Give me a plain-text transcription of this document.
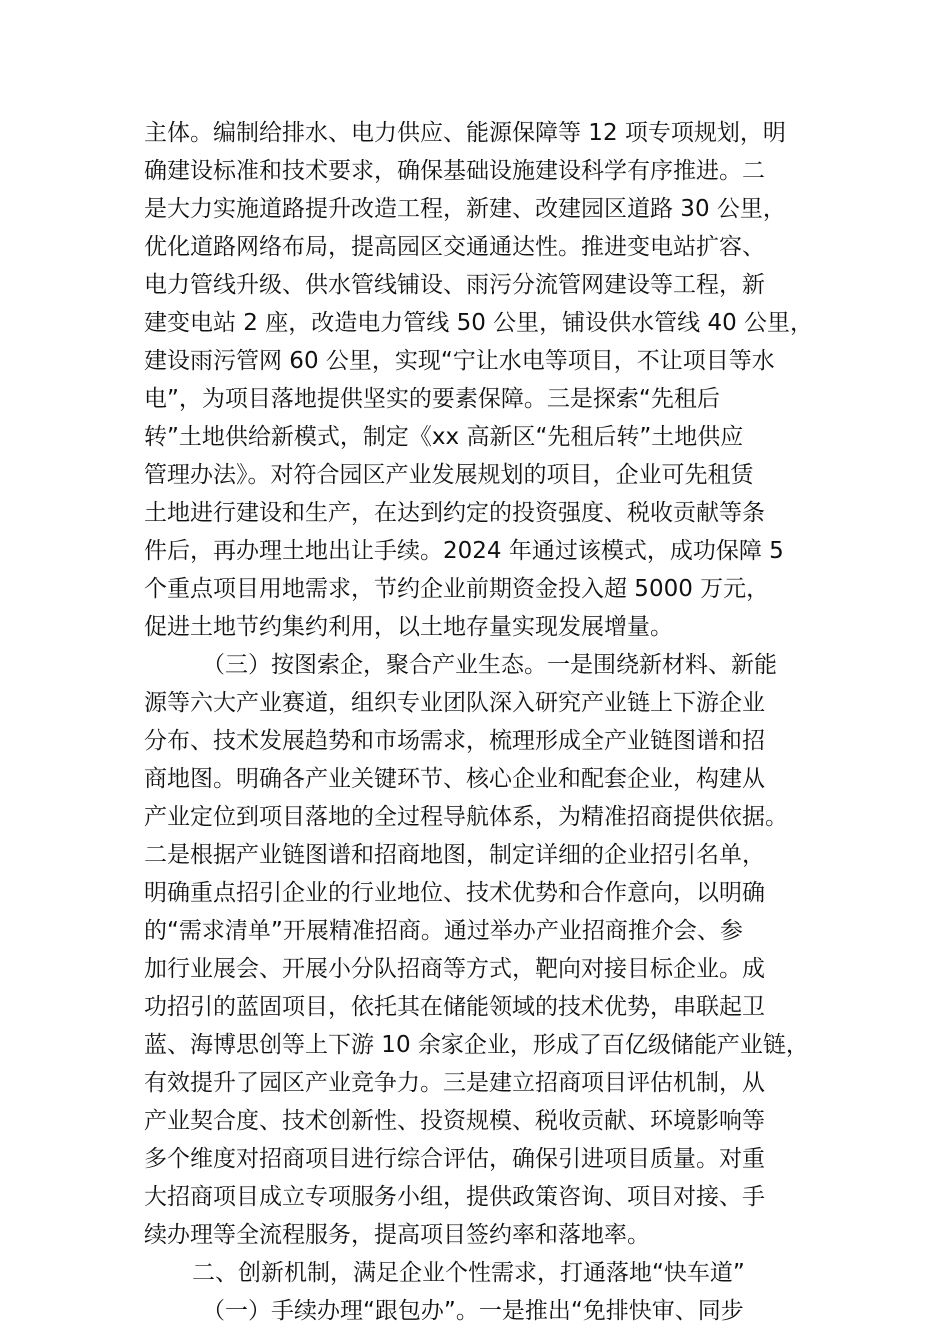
主体。编制给排水、电力供应、能源保障等 12 项专项规划，明
确建设标准和技术要求，确保基础设施建设科学有序推进。二
是大力实施道路提升改造工程，新建、改建园区道路 30 公里，
优化道路网络布局，提高园区交通通达性。推进变电站扩容、
电力管线升级、供水管线铺设、雨污分流管网建设等工程，新
建变电站 2 座，改造电力管线 50 公里，铺设供水管线 40 公里，
建设雨污管网 60 公里，实现“宁让水电等项目，不让项目等水
电”，为项目落地提供坚实的要素保障。三是探索“先租后
转”土地供给新模式，制定《xx 高新区“先租后转”土地供应
管理办法》。对符合园区产业发展规划的项目，企业可先租赁
土地进行建设和生产，在达到约定的投资强度、税收贡献等条
件后，再办理土地出让手续。2024 年通过该模式，成功保障 5
个重点项目用地需求，节约企业前期资金投入超 5000 万元，
促进土地节约集约利用，以土地存量实现发展增量。
（三）按图索企，聚合产业生态。一是围绕新材料、新能
源等六大产业赛道，组织专业团队深入研究产业链上下游企业
分布、技术发展趋势和市场需求，梳理形成全产业链图谱和招
商地图。明确各产业关键环节、核心企业和配套企业，构建从
产业定位到项目落地的全过程导航体系，为精准招商提供依据。
二是根据产业链图谱和招商地图，制定详细的企业招引名单，
明确重点招引企业的行业地位、技术优势和合作意向，以明确
的“需求清单”开展精准招商。通过举办产业招商推介会、参
加行业展会、开展小分队招商等方式，靶向对接目标企业。成
功招引的蓝固项目，依托其在储能领域的技术优势，串联起卫
蓝、海博思创等上下游 10 余家企业，形成了百亿级储能产业链，
有效提升了园区产业竞争力。三是建立招商项目评估机制，从
产业契合度、技术创新性、投资规模、税收贡献、环境影响等
多个维度对招商项目进行综合评估，确保引进项目质量。对重
大招商项目成立专项服务小组，提供政策咨询、项目对接、手
续办理等全流程服务，提高项目签约率和落地率。
二、创新机制，满足企业个性需求，打通落地“快车道”
（一）手续办理“跟包办”。一是推出“免排快审、同步
